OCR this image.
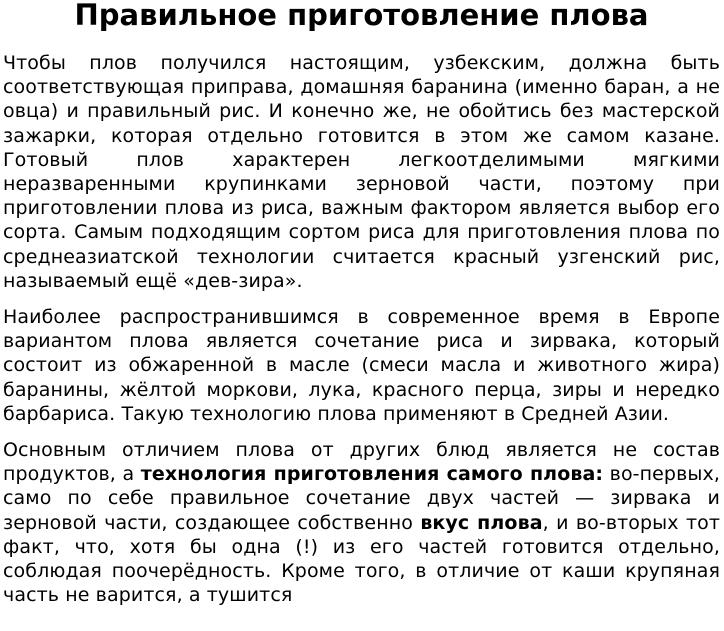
Правильное приготовление плова

Чтобы плов получился настоящим, узбекским, должна быть соответствующая приправа, домашняя баранина (именно баран, а не овца) и правильный рис. И конечно же, не обойтись без мастерской зажарки, которая отдельно готовится в этом же самом казане. Готовый плов характерен легкоотделимыми мягкими неразваренными крупинками зерновой части, поэтому при приготовлении плова из риса, важным фактором является выбор его сорта. Самым подходящим сортом риса для приготовления плова по среднеазиатской технологии считается красный узгенский рис, называемый ещё «дев-зира».

Наиболее распространившимся в современное время в Европе вариантом плова является сочетание риса и зирвака, который состоит из обжаренной в масле (смеси масла и животного жира) баранины, жёлтой моркови, лука, красного перца, зиры и нередко барбариса. Такую технологию плова применяют в Средней Азии.

Основным отличием плова от других блюд является не состав продуктов, а технология приготовления самого плова: во-первых, само по себе правильное сочетание двух частей — зирвака и зерновой части, создающее собственно вкус плова, и во-вторых тот факт, что, хотя бы одна (!) из его частей готовится отдельно, соблюдая поочерёдность. Кроме того, в отличие от каши крупяная часть не варится, а тушится
